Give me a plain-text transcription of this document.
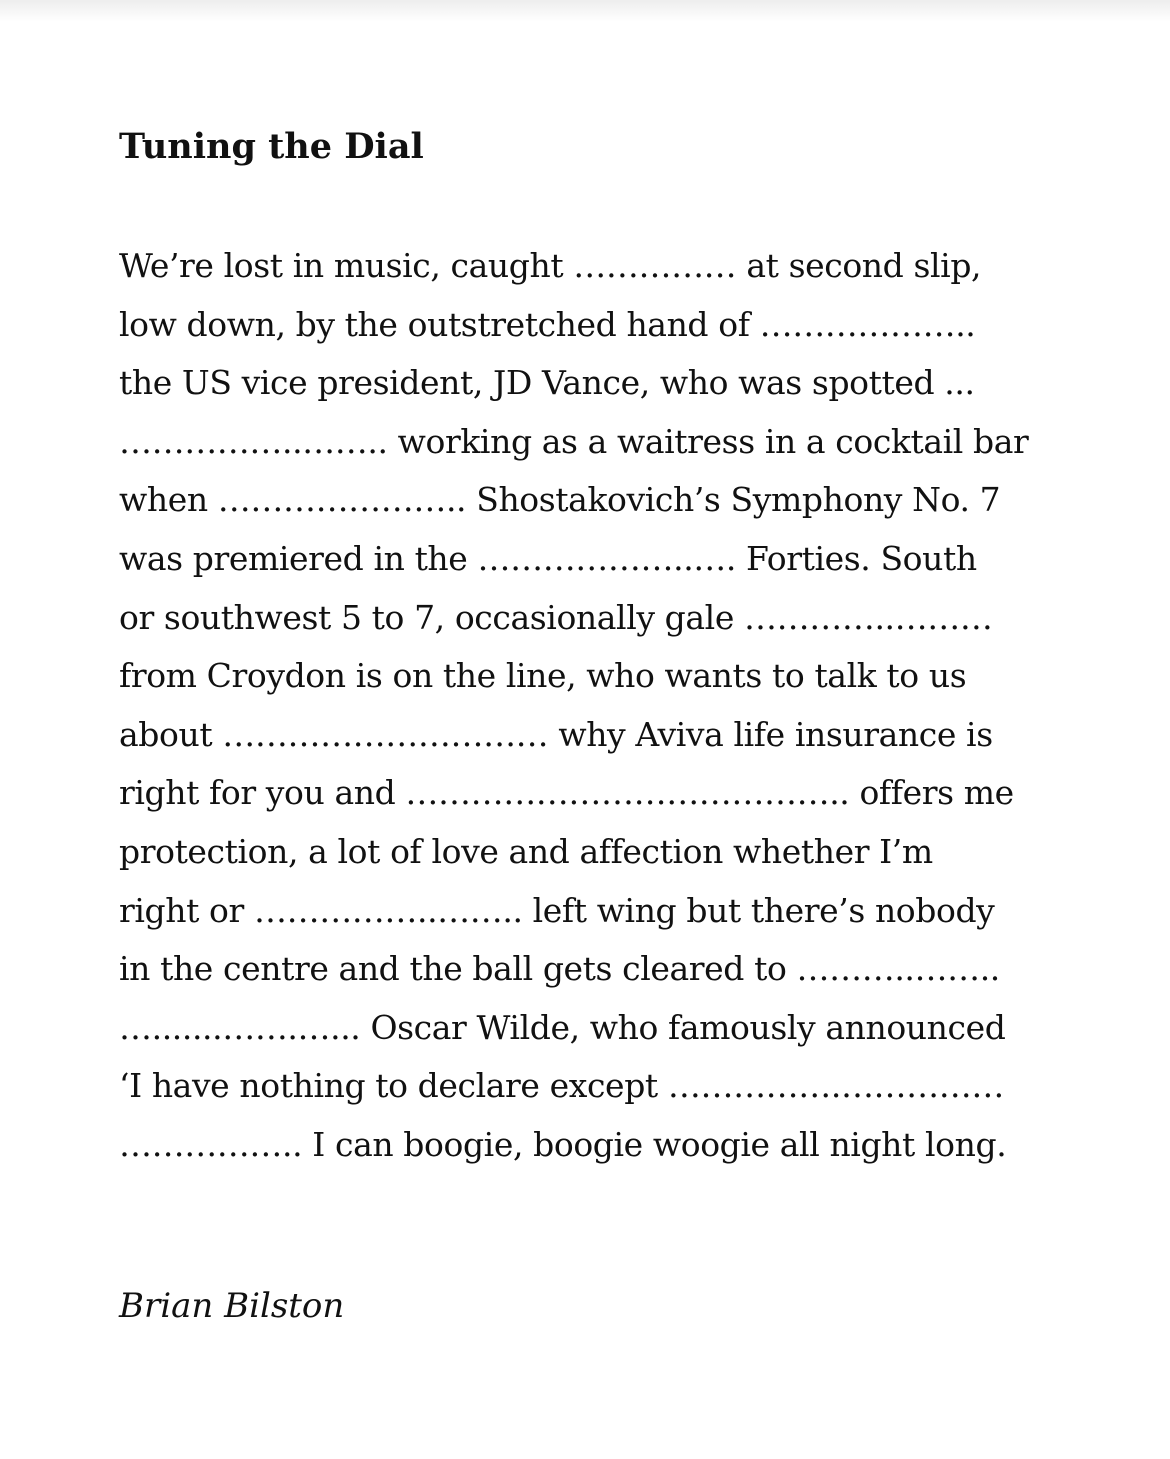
Tuning the Dial
We’re lost in music, caught …………… at second slip,
low down, by the outstretched hand of ………………..
the US vice president, JD Vance, who was spotted ...
……………..…….. working as a waitress in a cocktail bar
when ………………….. Shostakovich’s Symphony No. 7
was premiered in the ………………..…. Forties. South
or southwest 5 to 7, occasionally gale …………..………
from Croydon is on the line, who wants to talk to us
about ………………………… why Aviva life insurance is
right for you and ………………………………….. offers me
protection, a lot of love and affection whether I’m
right or ……………..…….. left wing but there’s nobody
in the centre and the ball gets cleared to ………..……..
….......…….…... Oscar Wilde, who famously announced
‘I have nothing to declare except …………….……………
…………….. I can boogie, boogie woogie all night long.

Brian Bilston
